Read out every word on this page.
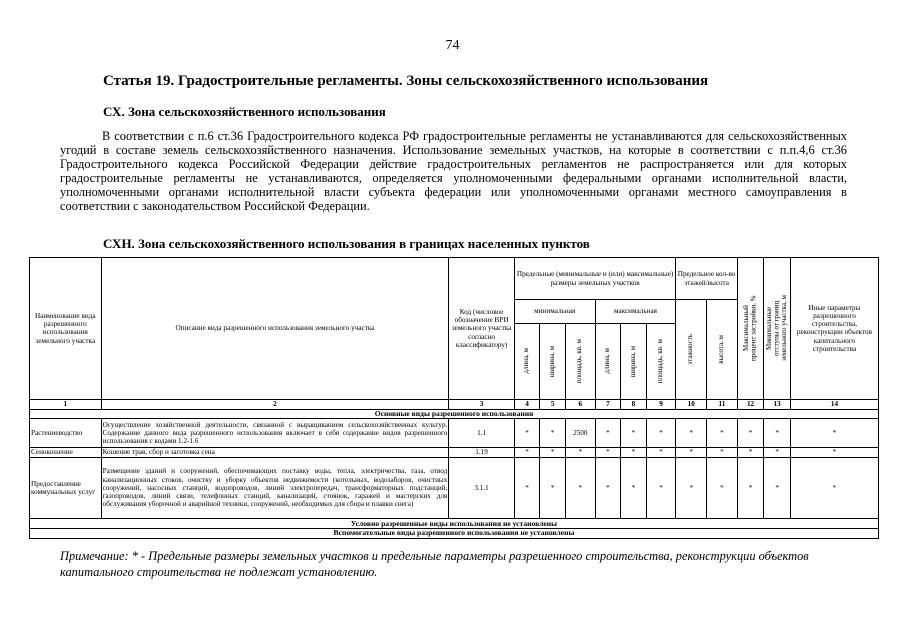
74
Статья 19. Градостроительные регламенты. Зоны сельскохозяйственного использования
СХ. Зона сельскохозяйственного использования
В соответствии с п.6 ст.36 Градостроительного кодекса РФ градостроительные регламенты не устанавливаются для сельскохозяйственных угодий в составе земель сельскохозяйственного назначения. Использование земельных участков, на которые в соответствии с п.п.4,6 ст.36 Градостроительного кодекса Российской Федерации действие градостроительных регламентов не распространяется или для которых градостроительные регламенты не устанавливаются, определяется уполномоченными федеральными органами исполнительной власти, уполномоченными органами исполнительной власти субъекта федерации или уполномоченными органами местного самоуправления в соответствии с законодательством Российской Федерации.
СХН. Зона сельскохозяйственного использования в границах населенных пунктов
Наименование вида разрешенного использования земельного участка	Описание вида разрешенного использования земельного участка	Код (числовое обозначение ВРИ земельного участка согласно классификатору)	Предельные (минимальные и (или) максимальные) размеры земельных участков						Предельное кол-во этажей/высота		Максимальный процент застройки, %	Минимальные отступы от границ земельного участка, м	Иные параметры разрешенного строительства, реконструкции объектов капитального строительства
			минимальная			максимальная			этажность	высота, м			

			длина, м	ширина, м	площадь, кв. м	длина, м	ширина, м	площадь, кв. м					

1	2	3	4	5	6	7	8	9	10	11	12	13	14
Основные виды разрешенного использования													
Растениеводство	Осуществление хозяйственной деятельности, связанной с выращиванием сельскохозяйственных культур. Содержание данного вида разрешенного использования включает в себя содержание видов разрешенного использования с кодами 1.2-1.6	1.1	*	*	2500	*	*	*	*	*	*	*	*
Сенокошение	Кошение трав, сбор и заготовка сена	1.19	*	*	*	*	*	*	*	*	*	*	*
Предоставление коммунальных услуг	Размещение зданий и сооружений, обеспечивающих поставку воды, тепла, электричества, газа, отвод канализационных стоков, очистку и уборку объектов недвижимости (котельных, водозаборов, очистных сооружений, насосных станций, водопроводов, линий электропередач, трансформаторных подстанций, газопроводов, линий связи, телефонных станций, канализаций, стоянок, гаражей и мастерских для обслуживания уборочной и аварийной техники, сооружений, необходимых для сбора и плавки снега)	3.1.1	*	*	*	*	*	*	*	*	*	*	*
Условно разрешенные виды использования не установлены													
Вспомогательные виды разрешенного использования не установлены													
Примечание: * - Предельные размеры земельных участков и предельные параметры разрешенного строительства, реконструкции объектов капитального строительства не подлежат установлению.
